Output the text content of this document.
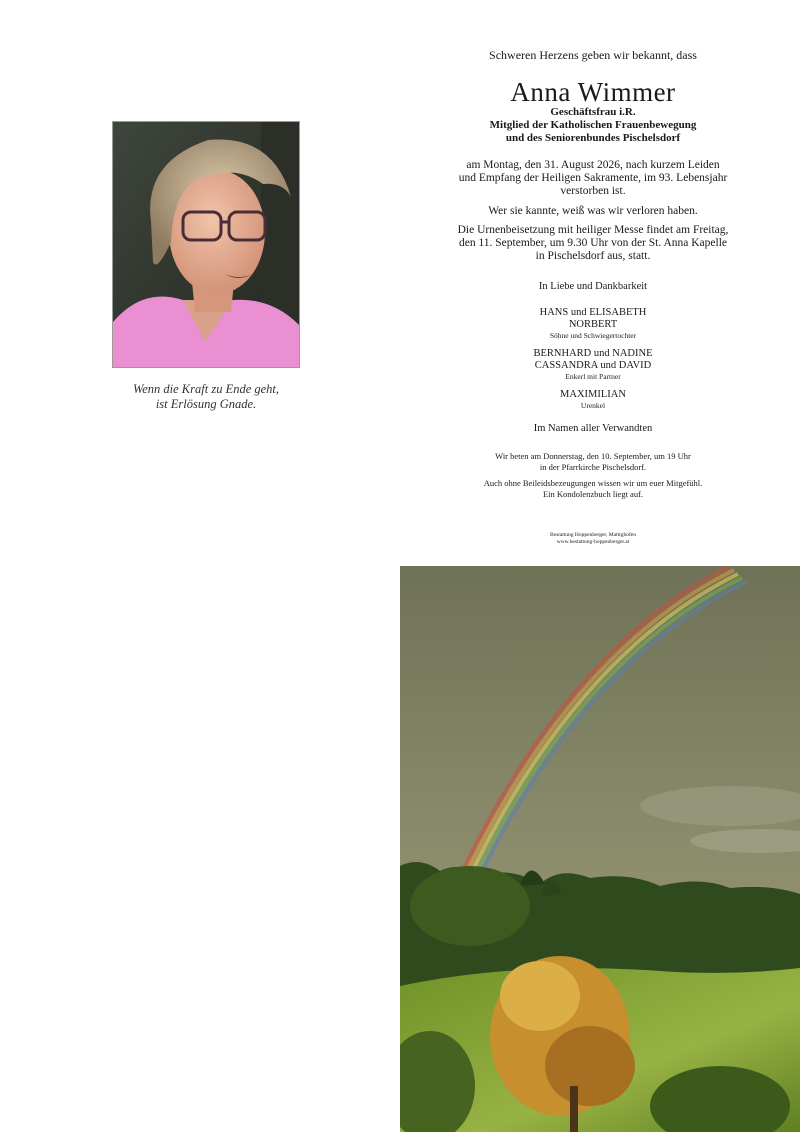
Wenn die Kraft zu Ende geht,
ist Erlösung Gnade.
Schweren Herzens geben wir bekannt, dass
Anna Wimmer
Geschäftsfrau i.R.
Mitglied der Katholischen Frauenbewegung
und des Seniorenbundes Pischelsdorf
am Montag, den 31. August 2026, nach kurzem Leiden
und Empfang der Heiligen Sakramente, im 93. Lebensjahr
verstorben ist.
Wer sie kannte, weiß was wir verloren haben.
Die Urnenbeisetzung mit heiliger Messe findet am Freitag,
den 11. September, um 9.30 Uhr von der St. Anna Kapelle
in Pischelsdorf aus, statt.
In Liebe und Dankbarkeit
HANS und ELISABETH
NORBERT
Söhne und Schwiegertochter
BERNHARD und NADINE
CASSANDRA und DAVID
Enkerl mit Partner
MAXIMILIAN
Urenkel
Im Namen aller Verwandten
Wir beten am Donnerstag, den 10. September, um 19 Uhr
in der Pfarrkirche Pischelsdorf.
Auch ohne Beileidsbezeugungen wissen wir um euer Mitgefühl.
Ein Kondolenzbuch liegt auf.
Bestattung Hoppenberger, Mattighofen
www.bestattung-hoppenberger.at
